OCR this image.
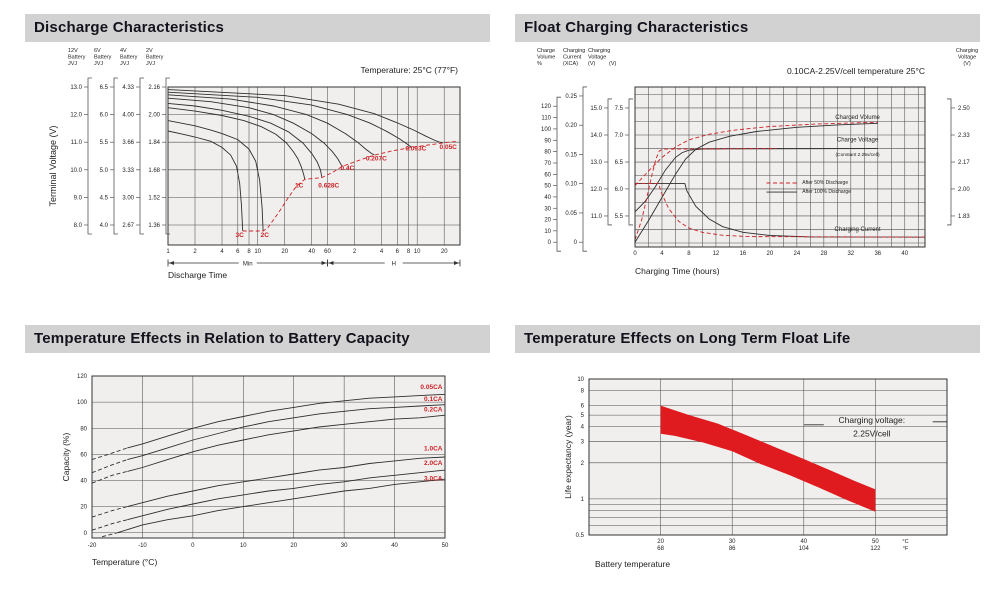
Discharge Characteristics
13.0
12.0
11.0
10.0
9.0
8.0
12V
Battery
JVJ
6.5
6.0
5.5
5.0
4.5
4.0
6V
Battery
JVJ
4.33
4.00
3.66
3.33
3.00
2.67
4V
Battery
JVJ
2.16
2.00
1.84
1.68
1.52
1.36
2V
Battery
JVJ
1	2	4 6 8 10	20	40 60	2	4 6 8 10	20
Min	H
3C	2C
1C 0.628C
0.4C
0.207C
0.093C 0.05C
Temperature: 25°C (77°F)
Discharge Time
Terminal Voltage (V)
Float Charging Characteristics
120
110
100
90
80
70
60
50
40
30
20
10
0
Charge
Volume
%
0.25
0.20
0.15
0.10
0.05
0
Charging
Current
(XCA)
15.0
14.0
13.0
12.0
11.0
Charging
Voltage
(V)
7.5
7.0
6.5
6.0
5.5
(V)
2.50
2.33
2.17
2.00
1.83
Charging
Voltage
(V)
0	4	8	12	16	20	24	28	32	36	40
Charged Volume
Charge Voltage
(Constant 2.25v/cell)
Charging Current
After 50% Discharge
After 100% Discharge
0.10CA-2.25V/cell temperature 25°C
Charging Time (hours)
Temperature Effects in Relation to Battery Capacity
-20	-10	0	10	20	30	40	50
120
100
80
60
40
20
0
0.05CA
0.1CA
0.2CA
1.0CA
2.0CA
3.0CA
Temperature (°C)
Capacity (%)
Temperature Effects on Long Term Float Life
20
68
30
86
40
104
50
122
°C
°F
10
8
6
5
4
3
2
1
0.5
Charging voltage:
2.25V/cell
Battery temperature
Life expectancy (year)
